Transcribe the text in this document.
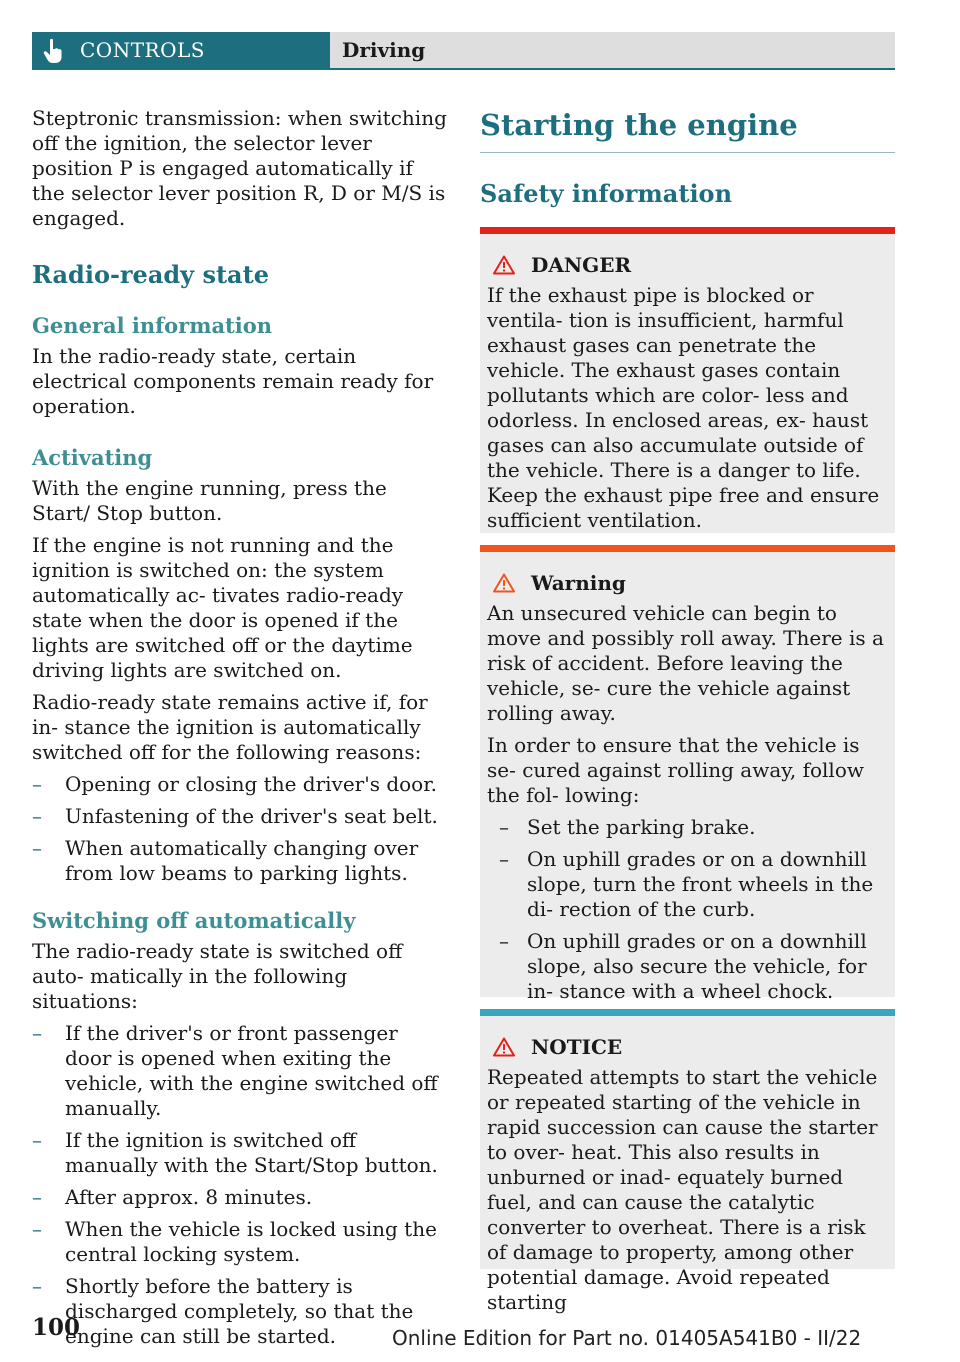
CONTROLS	Driving

Steptronic transmission: when switching off the ignition, the selector lever position P is engaged automatically if the selector lever position R, D or M/S is engaged.

Radio-ready state
General information

In the radio-ready state, certain electrical components remain ready for operation.

Activating

With the engine running, press the Start/ Stop button.

If the engine is not running and the ignition is switched on: the system automatically ac‐ tivates radio-ready state when the door is opened if the lights are switched off or the daytime driving lights are switched on.

Radio-ready state remains active if, for in‐ stance the ignition is automatically switched off for the following reasons:

– Opening or closing the driver's door.
– Unfastening of the driver's seat belt.
– When automatically changing over from low beams to parking lights.
Switching off automatically

The radio-ready state is switched off auto‐ matically in the following situations:

– If the driver's or front passenger door is opened when exiting the vehicle, with the engine switched off manually.
– If the ignition is switched off manually with the Start/Stop button.
– After approx. 8 minutes.
– When the vehicle is locked using the central locking system.
– Shortly before the battery is discharged completely, so that the engine can still be started.
Starting the engine
Safety information
DANGER

If the exhaust pipe is blocked or ventila‐ tion is insufficient, harmful exhaust gases can penetrate the vehicle. The exhaust gases contain pollutants which are color‐ less and odorless. In enclosed areas, ex‐ haust gases can also accumulate outside of the vehicle. There is a danger to life. Keep the exhaust pipe free and ensure sufficient ventilation.

Warning

An unsecured vehicle can begin to move and possibly roll away. There is a risk of accident. Before leaving the vehicle, se‐ cure the vehicle against rolling away.

In order to ensure that the vehicle is se‐ cured against rolling away, follow the fol‐ lowing:

– Set the parking brake.
– On uphill grades or on a downhill slope, turn the front wheels in the di‐ rection of the curb.
– On uphill grades or on a downhill slope, also secure the vehicle, for in‐ stance with a wheel chock.
NOTICE

Repeated attempts to start the vehicle or repeated starting of the vehicle in rapid succession can cause the starter to over‐ heat. This also results in unburned or inad‐ equately burned fuel, and can cause the catalytic converter to overheat. There is a risk of damage to property, among other potential damage. Avoid repeated starting

100	Online Edition for Part no. 01405A541B0 - II/22
